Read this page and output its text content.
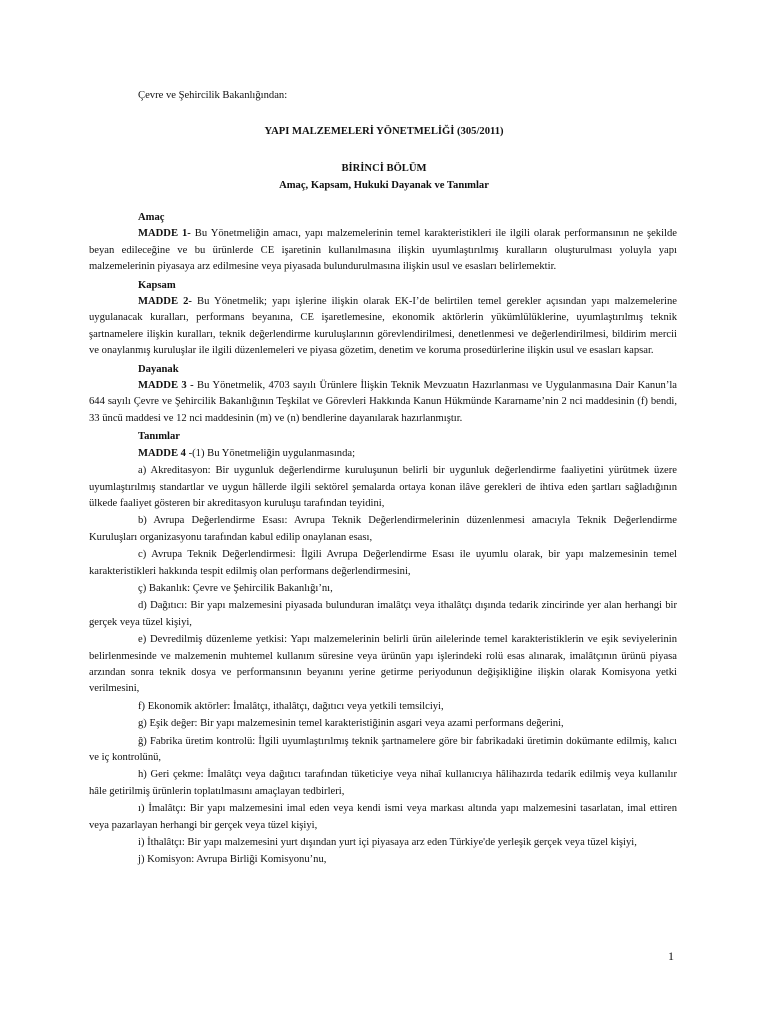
Çevre ve Şehircilik Bakanlığından:
YAPI MALZEMELERİ YÖNETMELİĞİ (305/2011)
BİRİNCİ BÖLÜM
Amaç, Kapsam, Hukuki Dayanak ve Tanımlar
Amaç
MADDE 1- Bu Yönetmeliğin amacı, yapı malzemelerinin temel karakteristikleri ile ilgili olarak performansının ne şekilde beyan edileceğine ve bu ürünlerde CE işaretinin kullanılmasına ilişkin uyumlaştırılmış kuralların oluşturulması yoluyla yapı malzemelerinin piyasaya arz edilmesine veya piyasada bulundurulmasına ilişkin usul ve esasları belirlemektir.
Kapsam
MADDE 2- Bu Yönetmelik; yapı işlerine ilişkin olarak EK-I’de belirtilen temel gerekler açısından yapı malzemelerine uygulanacak kuralları, performans beyanına, CE işaretlemesine, ekonomik aktörlerin yükümlülüklerine, uyumlaştırılmış teknik şartnamelere ilişkin kuralları, teknik değerlendirme kuruluşlarının görevlendirilmesi, denetlenmesi ve değerlendirilmesi, bildirim mercii ve onaylanmış kuruluşlar ile ilgili düzenlemeleri ve piyasa gözetim, denetim ve koruma prosedürlerine ilişkin usul ve esasları kapsar.
Dayanak
MADDE 3 - Bu Yönetmelik, 4703 sayılı Ürünlere İlişkin Teknik Mevzuatın Hazırlanması ve Uygulanmasına Dair Kanun’la 644 sayılı Çevre ve Şehircilik Bakanlığının Teşkilat ve Görevleri Hakkında Kanun Hükmünde Kararname’nin 2 nci maddesinin (f) bendi, 33 üncü maddesi ve 12 nci maddesinin (m) ve (n) bendlerine dayanılarak hazırlanmıştır.
Tanımlar
MADDE 4 -(1) Bu Yönetmeliğin uygulanmasında;
a) Akreditasyon: Bir uygunluk değerlendirme kuruluşunun belirli bir uygunluk değerlendirme faaliyetini yürütmek üzere uyumlaştırılmış standartlar ve uygun hâllerde ilgili sektörel şemalarda ortaya konan ilâve gerekleri de ihtiva eden şartları sağladığının ülkede faaliyet gösteren bir akreditasyon kuruluşu tarafından teyidini,
b) Avrupa Değerlendirme Esası: Avrupa Teknik Değerlendirmelerinin düzenlenmesi amacıyla Teknik Değerlendirme Kuruluşları organizasyonu tarafından kabul edilip onaylanan esası,
c) Avrupa Teknik Değerlendirmesi: İlgili Avrupa Değerlendirme Esası ile uyumlu olarak, bir yapı malzemesinin temel karakteristikleri hakkında tespit edilmiş olan performans değerlendirmesini,
ç) Bakanlık: Çevre ve Şehircilik Bakanlığı’nı,
d) Dağıtıcı: Bir yapı malzemesini piyasada bulunduran imalâtçı veya ithalâtçı dışında tedarik zincirinde yer alan herhangi bir gerçek veya tüzel kişiyi,
e) Devredilmiş düzenleme yetkisi: Yapı malzemelerinin belirli ürün ailelerinde temel karakteristiklerin ve eşik seviyelerinin belirlenmesinde ve malzemenin muhtemel kullanım süresine veya ürünün yapı işlerindeki rolü esas alınarak, imalâtçının ürünü piyasa arzından sonra teknik dosya ve performansının beyanını yerine getirme periyodunun değişikliğine ilişkin olarak Komisyona yetki verilmesini,
f) Ekonomik aktörler: İmalâtçı, ithalâtçı, dağıtıcı veya yetkili temsilciyi,
g) Eşik değer: Bir yapı malzemesinin temel karakteristiğinin asgari veya azami performans değerini,
ğ) Fabrika üretim kontrolü: İlgili uyumlaştırılmış teknik şartnamelere göre bir fabrikadaki üretimin dokümante edilmiş, kalıcı ve iç kontrolünü,
h) Geri çekme: İmalâtçı veya dağıtıcı tarafından tüketiciye veya nihaî kullanıcıya hâlihazırda tedarik edilmiş veya kullanılır hâle getirilmiş ürünlerin toplatılmasını amaçlayan tedbirleri,
ı) İmalâtçı: Bir yapı malzemesini imal eden veya kendi ismi veya markası altında yapı malzemesini tasarlatan, imal ettiren veya pazarlayan herhangi bir gerçek veya tüzel kişiyi,
i) İthalâtçı: Bir yapı malzemesini yurt dışından yurt içi piyasaya arz eden Türkiye'de yerleşik gerçek veya tüzel kişiyi,
j) Komisyon: Avrupa Birliği Komisyonu’nu,
1
